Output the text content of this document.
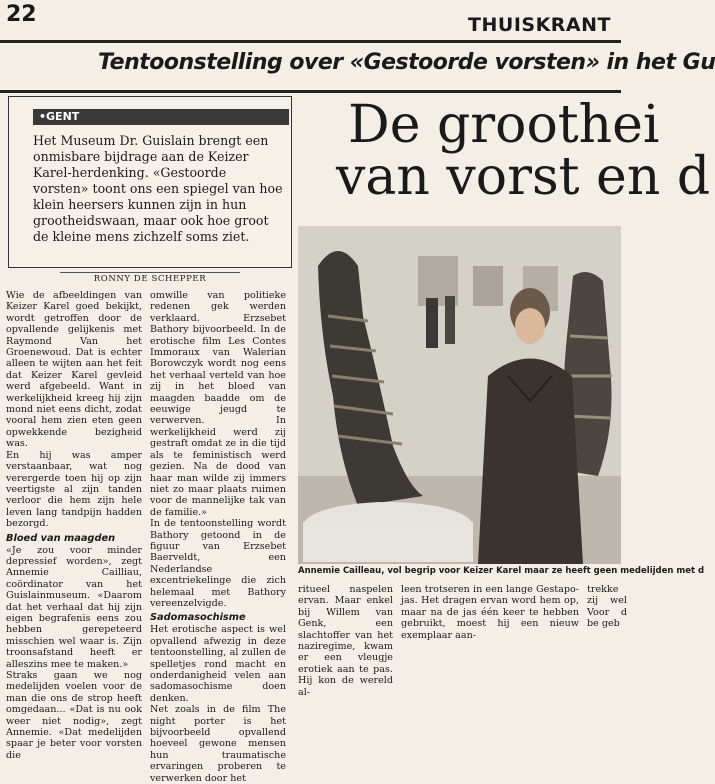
22	THUISKRANT
Tentoonstelling over «Gestoorde vorsten» in het Gu
•GENT
Het Museum Dr. Guislain brengt een onmisbare bijdrage aan de Keizer Karel-herdenking. «Gestoorde vorsten» toont ons een spiegel van hoe klein heersers kunnen zijn in hun grootheidswaan, maar ook hoe groot de kleine mens zichzelf soms ziet.
RONNY DE SCHEPPER
De groothei
van vorst en d

Wie de afbeeldingen van Keizer Karel goed bekijkt, wordt getroffen door de opvallende gelijkenis met Raymond Van het Groenewoud. Dat is echter alleen te wijten aan het feit dat Keizer Karel gevleid werd afgebeeld. Want in werkelijkheid kreeg hij zijn mond niet eens dicht, zodat vooral hem zien eten geen opwekkende bezigheid was.

En hij was amper verstaanbaar, wat nog verergerde toen hij op zijn veertigste al zijn tanden verloor die hem zijn hele leven lang tandpijn hadden bezorgd.

Bloed van maagden

«Je zou voor minder depressief worden», zegt Annemie Cailliau, coördinator van het Guislainmuseum. «Daarom dat het verhaal dat hij zijn eigen begrafenis eens zou hebben gerepeteerd misschien wel waar is. Zijn troonsafstand heeft er alleszins mee te maken.»

Straks gaan we nog medelijden voelen voor de man die ons de strop heeft omgedaan... «Dat is nu ook weer niet nodig», zegt Annemie. «Dat medelijden spaar je beter voor vorsten die

omwille van politieke redenen gek werden verklaard. Erzsebet Bathory bijvoorbeeld. In de erotische film Les Contes Immoraux van Walerian Borowczyk wordt nog eens het verhaal verteld van hoe zij in het bloed van maagden baadde om de eeuwige jeugd te verwerven. In werkelijkheid werd zij gestraft omdat ze in die tijd als te feministisch werd gezien. Na de dood van haar man wilde zij immers niet zo maar plaats ruimen voor de mannelijke tak van de familie.»

In de tentoonstelling wordt Bathory getoond in de figuur van Erzsebet Baerveldt, een Nederlandse excentriekelinge die zich helemaal met Bathory vereenzelvigde.

Sadomasochisme

Het erotische aspect is wel opvallend afwezig in deze tentoonstelling, al zullen de spelletjes rond macht en onderdanigheid velen aan sadomasochisme doen denken.

Net zoals in de film The night porter is het bijvoorbeeld opvallend hoeveel gewone mensen hun traumatische ervaringen proberen te verwerken door het

Annemie Cailleau, vol begrip voor Keizer Karel maar ze heeft geen medelijden met d

ritueel naspelen ervan. Maar enkel bij Willem van Genk, een slachtoffer van het naziregime, kwam er een vleugje erotiek aan te pas. Hij kon de wereld al-

leen trotseren in een lange Gestapo-jas. Het dragen ervan word hem op, maar na de jas één keer te hebben gebruikt, moest hij een nieuw exemplaar aan-

trekke zij wel Voor d be geb
